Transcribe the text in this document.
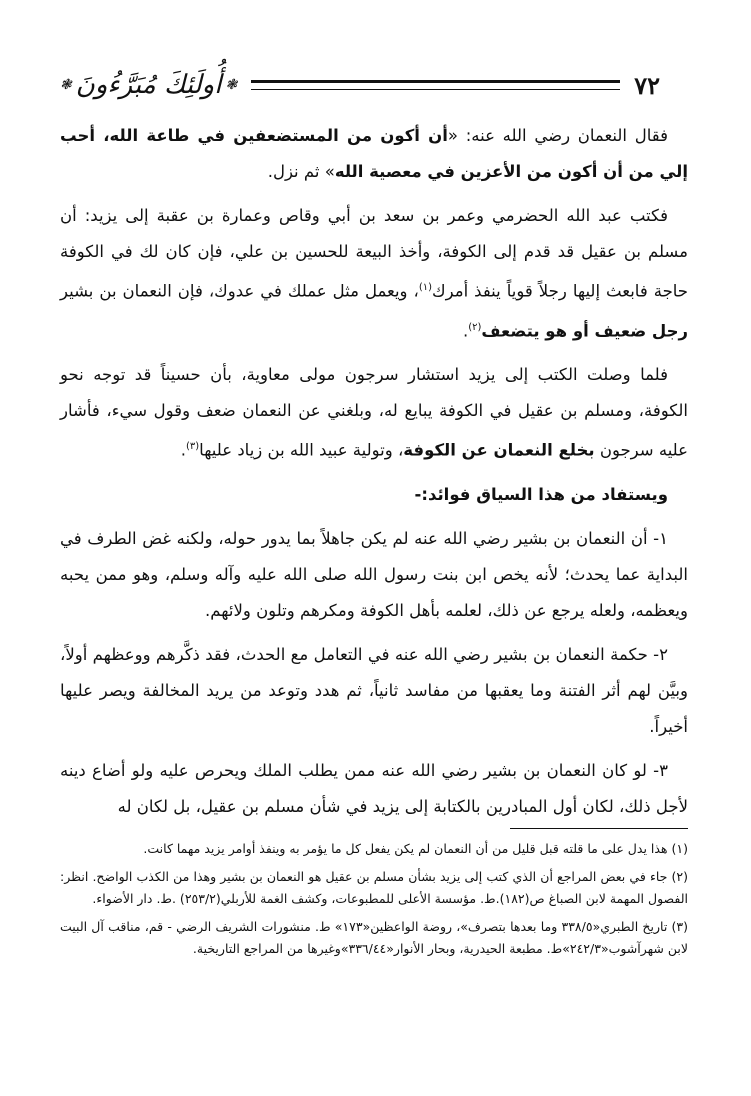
❃ أُولَئِكَ مُبَرَّءُونَ ❃	٧٢

فقال النعمان رضي الله عنه: «أن أكون من المستضعفين في طاعة الله، أحب إلي من أن أكون من الأعزين في معصية الله» ثم نزل.

فكتب عبد الله الحضرمي وعمر بن سعد بن أبي وقاص وعمارة بن عقبة إلى يزيد: أن مسلم بن عقيل قد قدم إلى الكوفة، وأخذ البيعة للحسين بن علي، فإن كان لك في الكوفة حاجة فابعث إليها رجلاً قوياً ينفذ أمرك$^{(١)}$، ويعمل مثل عملك في عدوك، فإن النعمان بن بشير رجل ضعيف أو هو يتضعف$^{(٢)}$.

فلما وصلت الكتب إلى يزيد استشار سرجون مولى معاوية، بأن حسيناً قد توجه نحو الكوفة، ومسلم بن عقيل في الكوفة يبايع له، وبلغني عن النعمان ضعف وقول سيء، فأشار عليه سرجون بخلع النعمان عن الكوفة، وتولية عبيد الله بن زياد عليها$^{(٣)}$.

ويستفاد من هذا السياق فوائد:-

١- أن النعمان بن بشير رضي الله عنه لم يكن جاهلاً بما يدور حوله، ولكنه غض الطرف في البداية عما يحدث؛ لأنه يخص ابن بنت رسول الله صلى الله عليه وآله وسلم، وهو ممن يحبه ويعظمه، ولعله يرجع عن ذلك، لعلمه بأهل الكوفة ومكرهم وتلون ولائهم.

٢- حكمة النعمان بن بشير رضي الله عنه في التعامل مع الحدث، فقد ذكَّرهم ووعظهم أولاً، وبيَّن لهم أثر الفتنة وما يعقبها من مفاسد ثانياً، ثم هدد وتوعد من يريد المخالفة ويصر عليها أخيراً.

٣- لو كان النعمان بن بشير رضي الله عنه ممن يطلب الملك ويحرص عليه ولو أضاع دينه لأجل ذلك، لكان أول المبادرين بالكتابة إلى يزيد في شأن مسلم بن عقيل، بل لكان له

(١) هذا يدل على ما قلته قبل قليل من أن النعمان لم يكن يفعل كل ما يؤمر به وينفذ أوامر يزيد مهما كانت.

(٢) جاء في بعض المراجع أن الذي كتب إلى يزيد بشأن مسلم بن عقيل هو النعمان بن بشير وهذا من الكذب الواضح. انظر: الفصول المهمة لابن الصباغ ص(١٨٢).ط. مؤسسة الأعلى للمطبوعات، وكشف الغمة للأربلي(٢٥٣/٢) .ط. دار الأضواء.

(٣) تاريخ الطبري«٣٣٨/٥ وما بعدها بتصرف»، روضة الواعظين«١٧٣» ط. منشورات الشريف الرضي - قم، مناقب آل البيت لابن شهرآشوب«٢٤٢/٣»ط. مطبعة الحيدرية، وبحار الأنوار«٣٣٦/٤٤»وغيرها من المراجع التاريخية.
